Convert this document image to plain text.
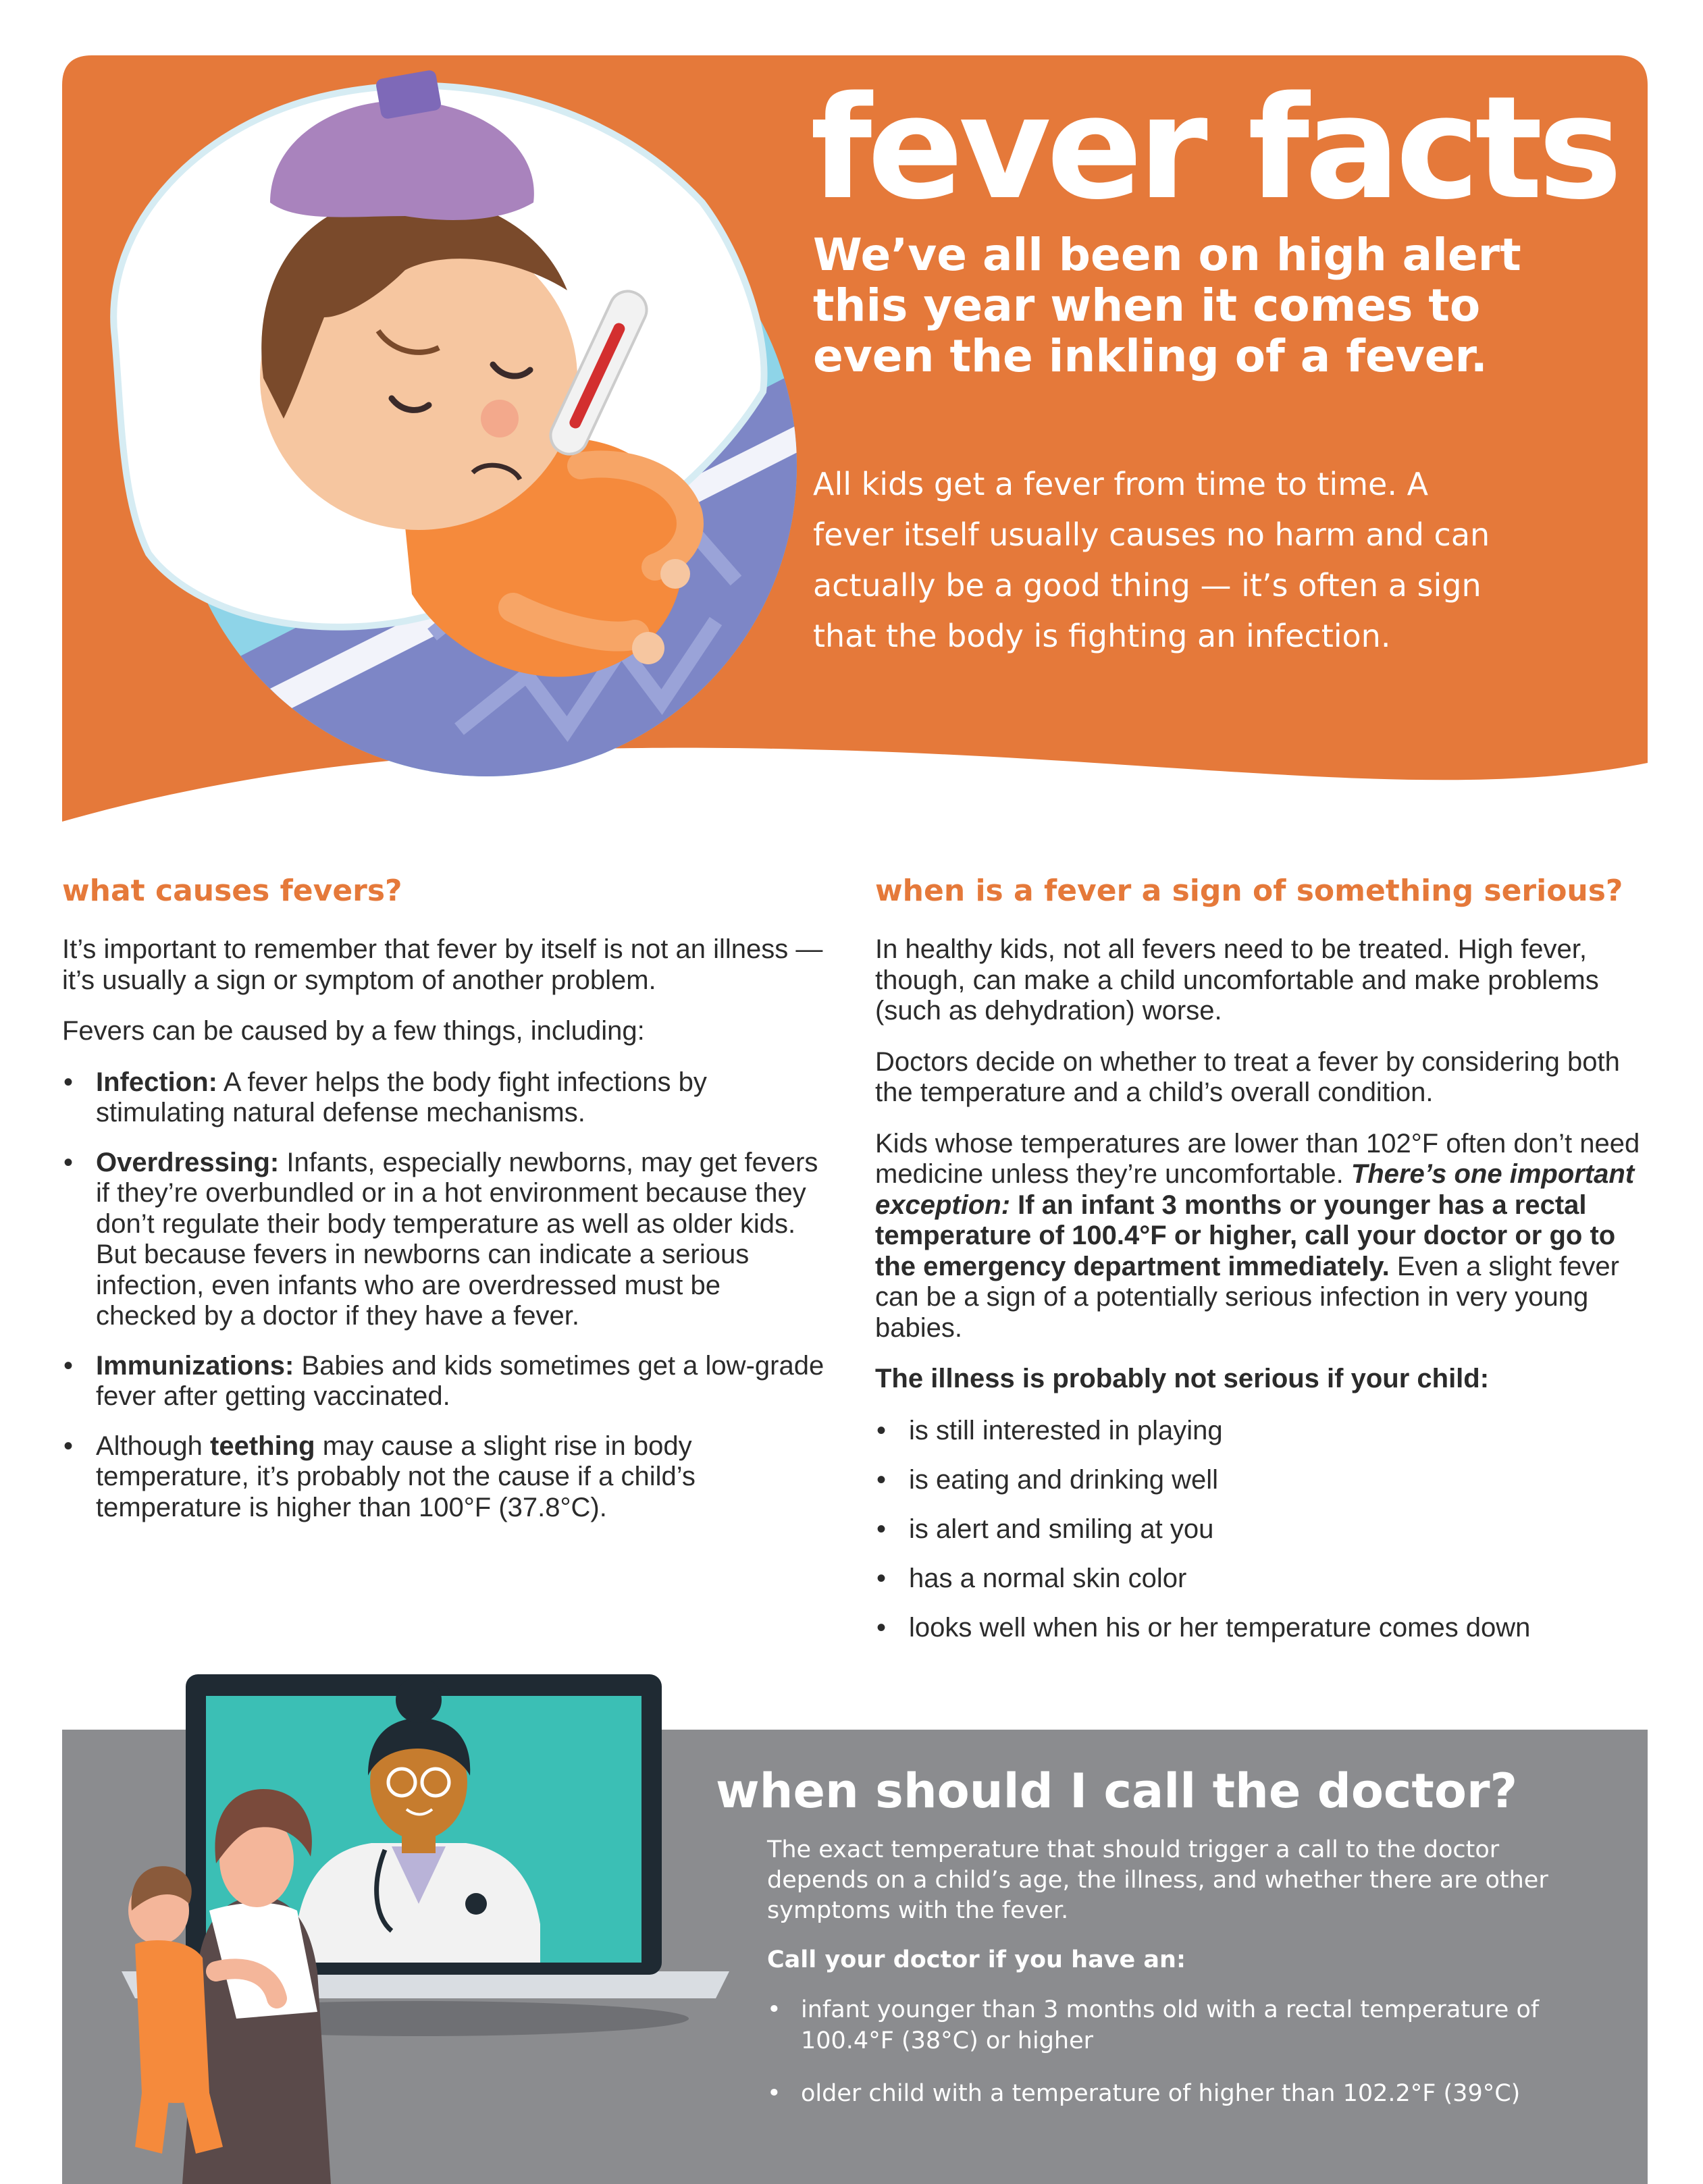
fever facts

We’ve all been on high alert this year when it comes to even the inkling of a fever.

All kids get a fever from time to time. A fever itself usually causes no harm and can actually be a good thing — it’s often a sign that the body is fighting an infection.

what causes fevers?

It’s important to remember that fever by itself is not an illness — it’s usually a sign or symptom of another problem.

Fevers can be caused by a few things, including:

• Infection: A fever helps the body fight infections by stimulating natural defense mechanisms.
• Overdressing: Infants, especially newborns, may get fevers if they’re overbundled or in a hot environment because they don’t regulate their body temperature as well as older kids. But because fevers in newborns can indicate a serious infection, even infants who are overdressed must be checked by a doctor if they have a fever.
• Immunizations: Babies and kids sometimes get a low-grade fever after getting vaccinated.
• Although teething may cause a slight rise in body temperature, it’s probably not the cause if a child’s temperature is higher than 100°F (37.8°C).
when is a fever a sign of something serious?

In healthy kids, not all fevers need to be treated. High fever, though, can make a child uncomfortable and make problems (such as dehydration) worse.

Doctors decide on whether to treat a fever by considering both the temperature and a child’s overall condition.

Kids whose temperatures are lower than 102°F often don’t need medicine unless they’re uncomfortable. There’s one important exception: If an infant 3 months or younger has a rectal temperature of 100.4°F or higher, call your doctor or go to the emergency department immediately. Even a slight fever can be a sign of a potentially serious infection in very young babies.

The illness is probably not serious if your child:

• is still interested in playing
• is eating and drinking well
• is alert and smiling at you
• has a normal skin color
• looks well when his or her temperature comes down
when should I call the doctor?

The exact temperature that should trigger a call to the doctor depends on a child’s age, the illness, and whether there are other symptoms with the fever.

Call your doctor if you have an:

• infant younger than 3 months old with a rectal temperature of 100.4°F (38°C) or higher
• older child with a temperature of higher than 102.2°F (39°C)
